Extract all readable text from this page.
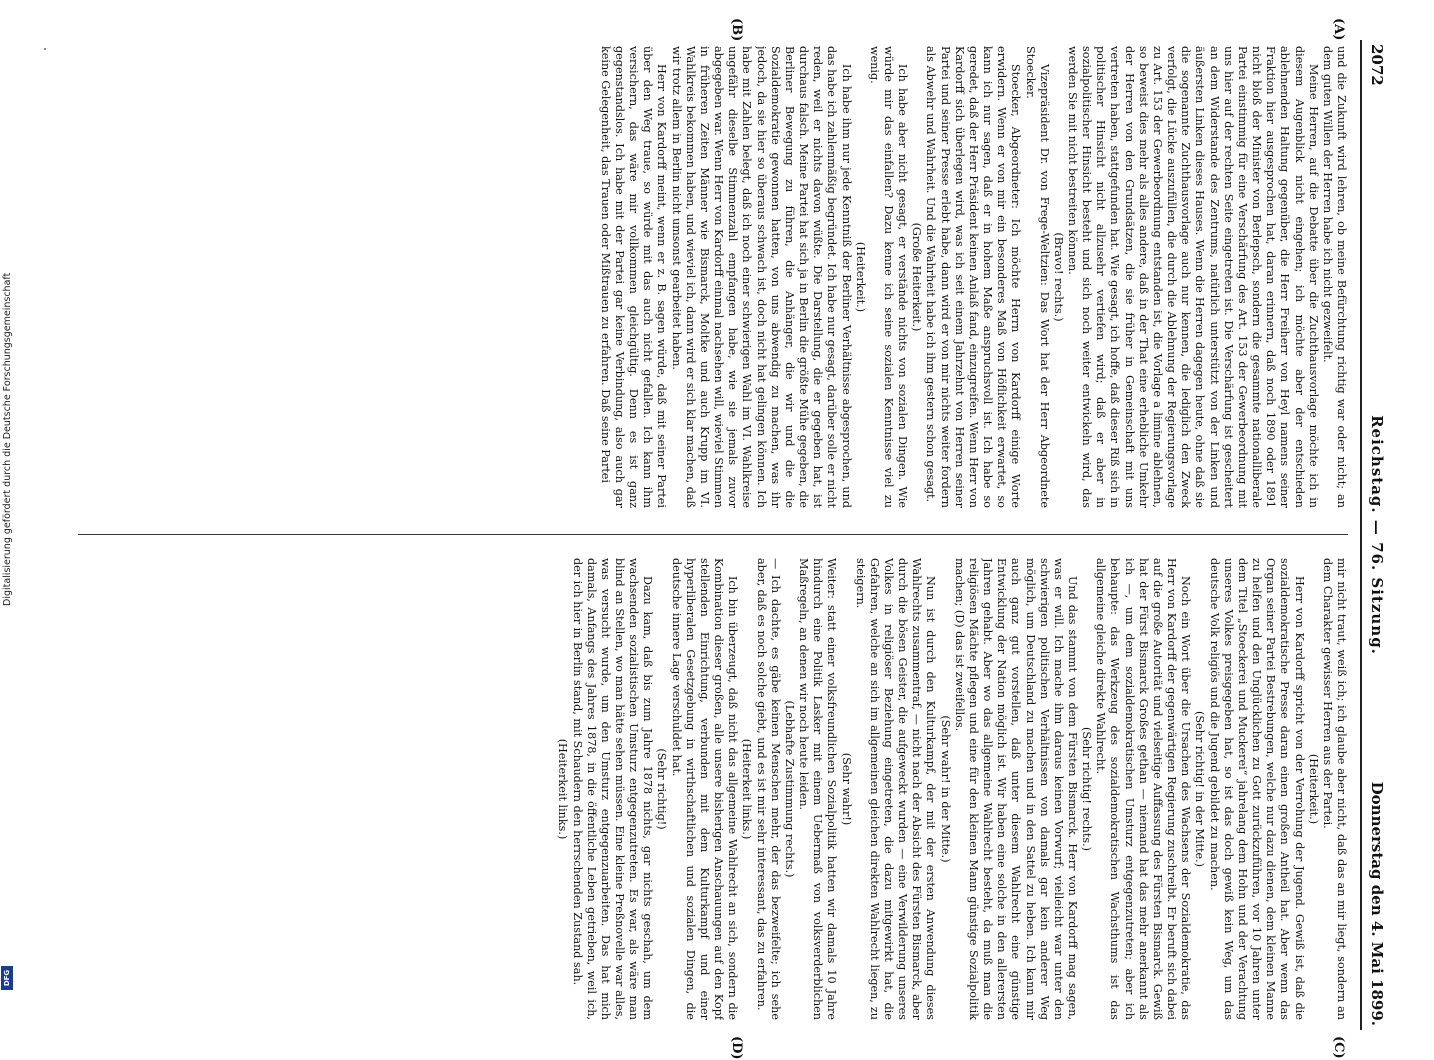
Digitalisierung gefördert durch die Deutsche Forschungsgemeinschaft
DFG
2072
Reichstag. — 76. Sitzung.
Donnerstag den 4. Mai 1899.
(A)
(B)
(C)
(D)

und die Zukunft wird lehren, ob meine Befürchtung richtig war oder nicht; an dem guten Willen der Herren habe ich nicht gezweifelt.

Meine Herren, auf die Debatte über die Zuchthausvorlage möchte ich in diesem Augenblick nicht eingehen; ich möchte aber der entschieden ablehnenden Haltung gegenüber, die Herr Freiherr von Heyl namens seiner Fraktion hier ausgesprochen hat, daran erinnern, daß noch 1890 oder 1891 nicht bloß der Minister von Berlepsch, sondern die gesammte nationalliberale Partei einstimmig für eine Verschärfung des Art. 153 der Gewerbeordnung mit uns hier auf der rechten Seite eingetreten ist. Die Verschärfung ist gescheitert an dem Widerstande des Zentrums, natürlich unterstützt von der Linken und äußersten Linken dieses Hauses. Wenn die Herren dagegen heute, ohne daß sie die sogenannte Zuchthausvorlage auch nur kennen, die lediglich den Zweck verfolgt, die Lücke auszufüllen, die durch die Ablehnung der Regierungsvorlage zu Art. 153 der Gewerbeordnung entstanden ist, die Vorlage a limine ablehnen, so beweist dies mehr als alles andere, daß in der That eine erhebliche Umkehr der Herren von den Grundsätzen, die sie früher in Gemeinschaft mit uns vertreten haben, stattgefunden hat. Wie gesagt, ich hoffe, daß dieser Riß sich in politischer Hinsicht nicht allzusehr vertiefen wird; daß er aber in sozialpolitischer Hinsicht besteht und sich noch weiter entwickeln wird, das werden Sie mit nicht bestreiten können.

(Bravo! rechts.)

Vizepräsident Dr. von Frege-Weltzien: Das Wort hat der Herr Abgeordnete Stoecker.

Stoecker, Abgeordneter: Ich möchte Herrn von Kardorff einige Worte erwidern. Wenn er von mir ein besonderes Maß von Höflichkeit erwartet, so kann ich nur sagen, daß er in hohem Maße anspruchsvoll ist. Ich habe so geredet, daß der Herr Präsident keinen Anlaß fand, einzugreifen. Wenn Herr von Kardorff sich überlegen wird, was ich seit einem Jahrzehnt von Herren seiner Partei und seiner Presse erlebt habe, dann wird er von mir nichts weiter fordern als Abwehr und Wahrheit. Und die Wahrheit habe ich ihm gestern schon gesagt.

(Große Heiterkeit.)

Ich habe aber nicht gesagt, er verstände nichts von sozialen Dingen. Wie würde mir das einfallen? Dazu kenne ich seine sozialen Kenntnisse viel zu wenig.

(Heiterkeit.)

Ich habe ihm nur jede Kenntniß der Berliner Verhältnisse abgesprochen, und das habe ich zahlenmäßig begründet. Ich habe nur gesagt, darüber solle er nicht reden, weil er nichts davon wüßte. Die Darstellung, die er gegeben hat, ist durchaus falsch. Meine Partei hat sich ja in Berlin die größte Mühe gegeben, die Berliner Bewegung zu führen, die Anhänger, die wir und die die Sozialdemokratie gewonnen hatten, von uns abwendig zu machen, was ihr jedoch, da sie hier so überaus schwach ist, doch nicht hat gelingen können. Ich habe mit Zahlen belegt, daß ich noch einer schwierigen Wahl im VI. Wahlkreise ungefähr dieselbe Stimmenzahl empfangen habe, wie sie jemals zuvor abgegeben war. Wenn Herr von Kardorff einmal nachsehen will, wieviel Stimmen in früheren Zeiten Männer wie Bismarck, Moltke und auch Krupp im VI. Wahlkreis bekommen haben, und wieviel ich, dann wird er sich klar machen, daß wir trotz allem in Berlin nicht umsonst gearbeitet haben.

Herr von Kardorff meint, wenn er z. B. sagen würde, daß mit seiner Partei über den Weg traue, so würde mit das auch nicht gefallen. Ich kann ihm versichern, das wäre mir vollkommen gleichgültig. Denn es ist ganz gegenstandslos. Ich habe mit der Partei gar keine Verbindung, also auch gar keine Gelegenheit, das Trauen oder Mißtrauen zu erfahren. Daß seine Partei

mir nicht traut, weiß ich; ich glaube aber nicht, daß das an mir liegt, sondern an dem Charakter gewisser Herren aus der Partei.

(Heiterkeit.)

Herr von Kardorff spricht von der Verrohung der Jugend. Gewiß ist, daß die sozialdemokratische Presse daran einen großen Antheil hat. Aber wenn das Organ seiner Partei Bestrebungen, welche nur dazu dienen, dem kleinen Manne zu helfen und den Unglücklichen zu Gott zurückzuführen, vor 10 Jahren unter dem Titel „Stoeckerei und Muckerei“ jahrelang dem Hohn und der Verachtung unseres Volkes preisgegeben hat, so ist das doch gewiß kein Weg, um das deutsche Volk religiös und die Jugend gebildet zu machen.

(Sehr richtig! in der Mitte.)

Noch ein Wort über die Ursachen des Wachsens der Sozialdemokratie, das Herr von Kardorff der gegenwärtigen Regierung zuschreibt. Er beruft sich dabei auf die große Autorität und vielseitige Auffassung des Fürsten Bismarck. Gewiß hat der Fürst Bismarck Großes gethan — niemand hat das mehr anerkannt als ich —, um dem sozialdemokratischen Umsturz entgegenzutreten; aber ich behaupte: das Werkzeug des sozialdemokratischen Wachsthums ist das allgemeine gleiche direkte Wahlrecht.

(Sehr richtig! rechts.)

Und das stammt von dem Fürsten Bismarck. Herr von Kardorff mag sagen, was er will. Ich mache ihm daraus keinen Vorwurf; vielleicht war unter den schwierigen politischen Verhältnissen von damals gar kein anderer Weg möglich, um Deutschland zu machen und in den Sattel zu heben. Ich kann mir auch ganz gut vorstellen, daß unter diesem Wahlrecht eine günstige Entwicklung der Nation möglich ist. Wir haben eine solche in den allerersten Jahren gehabt. Aber wo das allgemeine Wahlrecht besteht, da muß man die religiösen Mächte pflegen und eine für den kleinen Mann günstige Sozialpolitik machen; (D) das ist zweifellos.

(Sehr wahr! in der Mitte.)

Nun ist durch den Kulturkampf, der mit der ersten Anwendung dieses Wahlrechts zusammentraf, — nicht nach der Absicht des Fürsten Bismarck, aber durch die bösen Geister, die aufgeweckt wurden — eine Verwilderung unseres Volkes in religiöser Beziehung eingetreten, die dazu mitgewirkt hat, die Gefahren, welche an sich im allgemeinen gleichen direkten Wahlrecht liegen, zu steigern.

(Sehr wahr!)

Weiter: statt einer volksfreundlichen Sozialpolitik hatten wir damals 10 Jahre hindurch eine Politik Lasker mit einem Uebermaß von volksverderblichen Maßregeln, an denen wir noch heute leiden.

(Lebhafte Zustimmung rechts.)

— Ich dachte, es gäbe keinen Menschen mehr, der das bezweifelte; ich sehe aber, daß es noch solche giebt, und es ist mir sehr interessant, das zu erfahren.

(Heiterkeit links.)

Ich bin überzeugt, daß nicht das allgemeine Wahlrecht an sich, sondern die Kombination dieser großen, alle unsere bisherigen Anschauungen auf den Kopf stellenden Einrichtung, verbunden mit dem Kulturkampf und einer hyperliberalen Gesetzgebung in wirthschaftlichen und sozialen Dingen, die deutsche innere Lage verschuldet hat.

(Sehr richtig!)

Dazu kam, daß bis zum Jahre 1878 nichts, gar nichts geschah, um dem wachsenden sozialistischen Umsturz entgegenzutreten. Es war, als wäre man blind an Stellen, wo man hätte sehen müssen. Eine kleine Preßnovelle war alles, was versucht wurde, um den Umsturz entgegenzuarbeiten. Das hat mich damals, Anfangs des Jahres 1878, in die öffentliche Leben getrieben, weil ich, der ich hier in Berlin stand, mit Schaudern den herrschenden Zustand sah.

(Heiterkeit links.)
